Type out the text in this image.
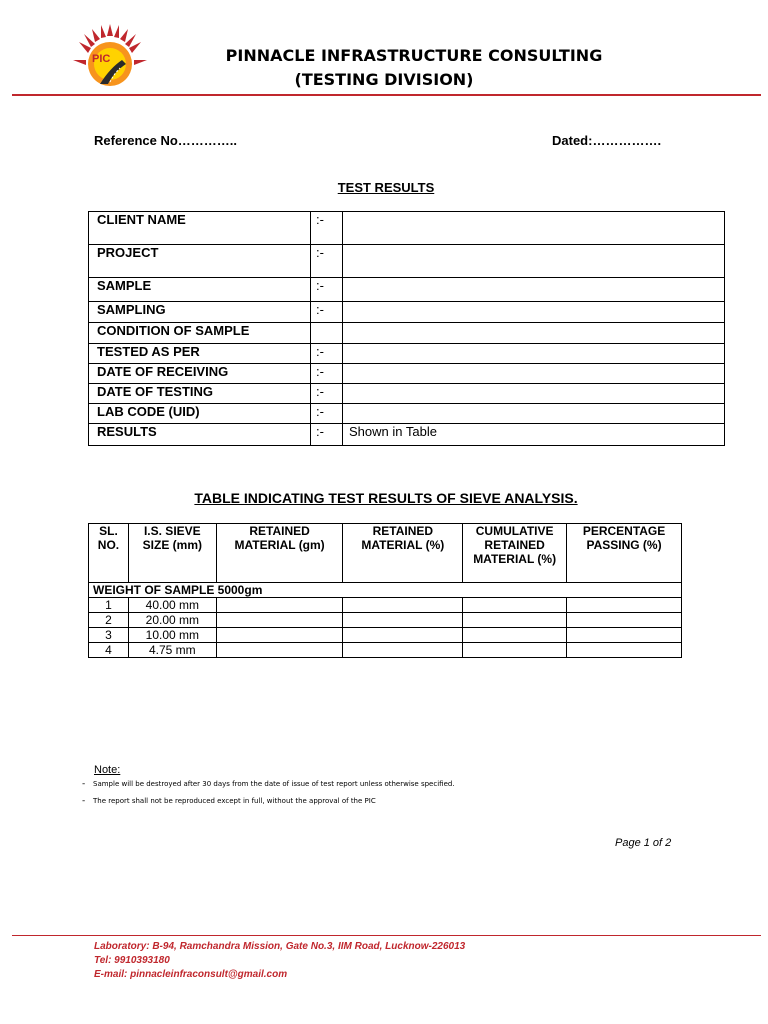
PIC	PINNACLE INFRASTRUCTURE CONSULTING
(TESTING DIVISION)
Reference No…………..	Dated:…………….
TEST RESULTS
CLIENT NAME	:-	
PROJECT	:-	
SAMPLE	:-	
SAMPLING	:-	
CONDITION OF SAMPLE		
TESTED AS PER	:-	
DATE OF RECEIVING	:-	
DATE OF TESTING	:-	
LAB CODE (UID)	:-	
RESULTS	:-	Shown in Table
TABLE INDICATING TEST RESULTS OF SIEVE ANALYSIS.
SL. NO.	I.S. SIEVE SIZE (mm)	RETAINED MATERIAL (gm)	RETAINED MATERIAL (%)	CUMULATIVE RETAINED MATERIAL (%)	PERCENTAGE PASSING (%)
WEIGHT OF SAMPLE 5000gm					
1	40.00 mm				
2	20.00 mm				
3	10.00 mm				
4	4.75 mm				
Note:
- Sample will be destroyed after 30 days from the date of issue of test report unless otherwise specified.
- The report shall not be reproduced except in full, without the approval of the PIC
Page 1 of 2
Laboratory: B-94, Ramchandra Mission, Gate No.3, IIM Road, Lucknow-226013
Tel: 9910393180
E-mail: pinnacleinfraconsult@gmail.com
